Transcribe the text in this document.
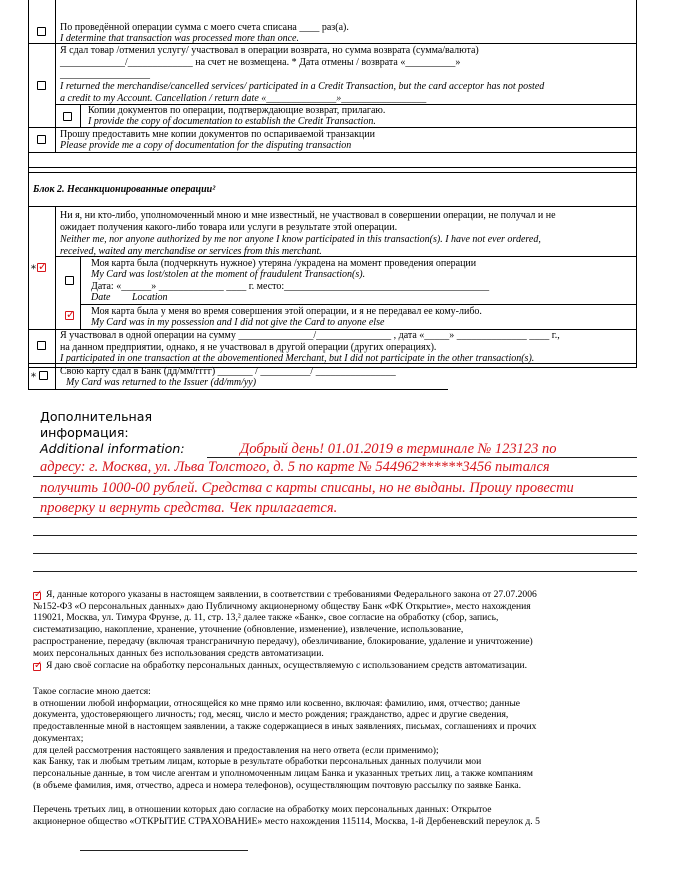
По проведённой операции сумма с моего счета списана ____ раз(а).
I determine that transaction was processed more than once.
Я сдал товар /отменил услугу/ участвовал в операции возврата, но сумма возврата (сумма/валюта)
_____________/_____________ на счет не возмещена. * Дата отмены / возврата «__________»
__________________
I returned the merchandise/cancelled services/ participated in a Credit Transaction, but the card acceptor has not posted
a credit to my Account. Cancellation / return date «______________»_________________
Копии документов по операции, подтверждающие возврат, прилагаю.
I provide the copy of documentation to establish the Credit Transaction.
Прошу предоставить мне копии документов по оспариваемой транзакции
Please provide me a copy of documentation for the disputing transaction
Блок 2. Несанкционированные операции²
* ✓
Ни я, ни кто-либо, уполномоченный мною и мне известный, не участвовал в совершении операции, не получал и не
ожидает получения какого-либо товара или услуги в результате этой операции.
Neither me, nor anyone authorized by me nor anyone I know participated in this transaction(s). I have not ever ordered,
received, waited any merchandise or services from this merchant.
Моя карта была (подчеркнуть нужное) утеряна /украдена на момент проведения операции
My Card was lost/stolen at the moment of fraudulent Transaction(s).
Дата: «______» _____________ ____ г. место:_________________________________________
Date Location
✓ Моя карта была у меня во время совершения этой операции, и я не передавал ее кому-либо.
My Card was in my possession and I did not give the Card to anyone else
Я участвовал в одной операции на сумму _______________/_______________ , дата «_____» ______________ ____ г.,
на данном предприятии, однако, я не участвовал в другой операции (других операциях).
I participated in one transaction at the abovementioned Merchant, but I did not participate in the other transaction(s).
*
Свою карту сдал в Банк (дд/мм/гггг) _______ / __________/ ________________
My Card was returned to the Issuer (dd/mm/yy)
Дополнительная
информация:
Additional information:	Добрый день! 01.01.2019 в терминале № 123123 по
адресу: г. Москва, ул. Льва Толстого, д. 5 по карте № 544962******3456 пытался
получить 1000-00 рублей. Средства с карты списаны, но не выданы. Прошу провести
проверку и вернуть средства. Чек прилагается.
✓ Я, данные которого указаны в настоящем заявлении, в соответствии с требованиями Федерального закона от 27.07.2006
№152-ФЗ «О персональных данных» даю Публичному акционерному обществу Банк «ФК Открытие», место нахождения
119021, Москва, ул. Тимура Фрунзе, д. 11, стр. 13,² далее также «Банк», свое согласие на обработку (сбор, запись,
систематизацию, накопление, хранение, уточнение (обновление, изменение), извлечение, использование,
распространение, передачу (включая трансграничную передачу), обезличивание, блокирование, удаление и уничтожение)
моих персональных данных без использования средств автоматизации.
✓ Я даю своё согласие на обработку персональных данных, осуществляемую с использованием средств автоматизации.
Такое согласие мною дается:
в отношении любой информации, относящейся ко мне прямо или косвенно, включая: фамилию, имя, отчество; данные
документа, удостоверяющего личность; год, месяц, число и место рождения; гражданство, адрес и другие сведения,
предоставленные мной в настоящем заявлении, а также содержащиеся в иных заявлениях, письмах, соглашениях и прочих
документах;
для целей рассмотрения настоящего заявления и предоставления на него ответа (если применимо);
как Банку, так и любым третьим лицам, которые в результате обработки персональных данных получили мои
персональные данные, в том числе агентам и уполномоченным лицам Банка и указанных третьих лиц, а также компаниям
(в объеме фамилия, имя, отчество, адреса и номера телефонов), осуществляющим почтовую рассылку по заявке Банка.
Перечень третьих лиц, в отношении которых даю согласие на обработку моих персональных данных: Открытое
акционерное общество «ОТКРЫТИЕ СТРАХОВАНИЕ» место нахождения 115114, Москва, 1-й Дербеневский переулок д. 5
